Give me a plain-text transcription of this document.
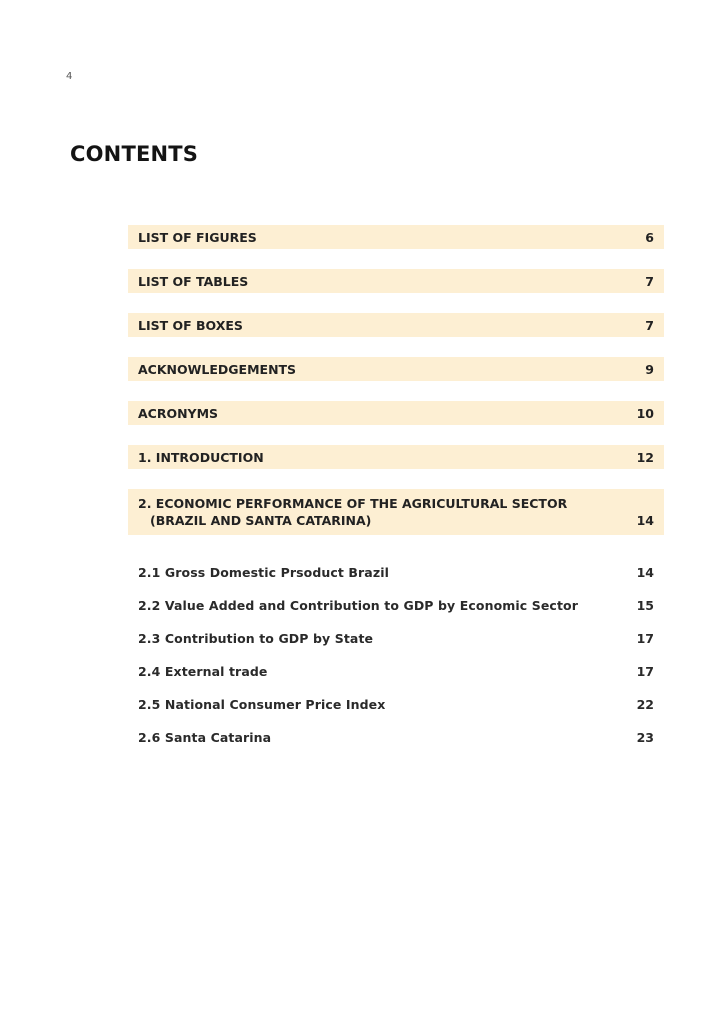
4
CONTENTS
LIST OF FIGURES	6
LIST OF TABLES	7
LIST OF BOXES	7
ACKNOWLEDGEMENTS	9
ACRONYMS	10
1. INTRODUCTION	12
2. ECONOMIC PERFORMANCE OF THE AGRICULTURAL SECTOR
(BRAZIL AND SANTA CATARINA)	14
2.1 Gross Domestic Prsoduct Brazil	14
2.2 Value Added and Contribution to GDP by Economic Sector	15
2.3 Contribution to GDP by State	17
2.4 External trade	17
2.5 National Consumer Price Index	22
2.6 Santa Catarina	23
